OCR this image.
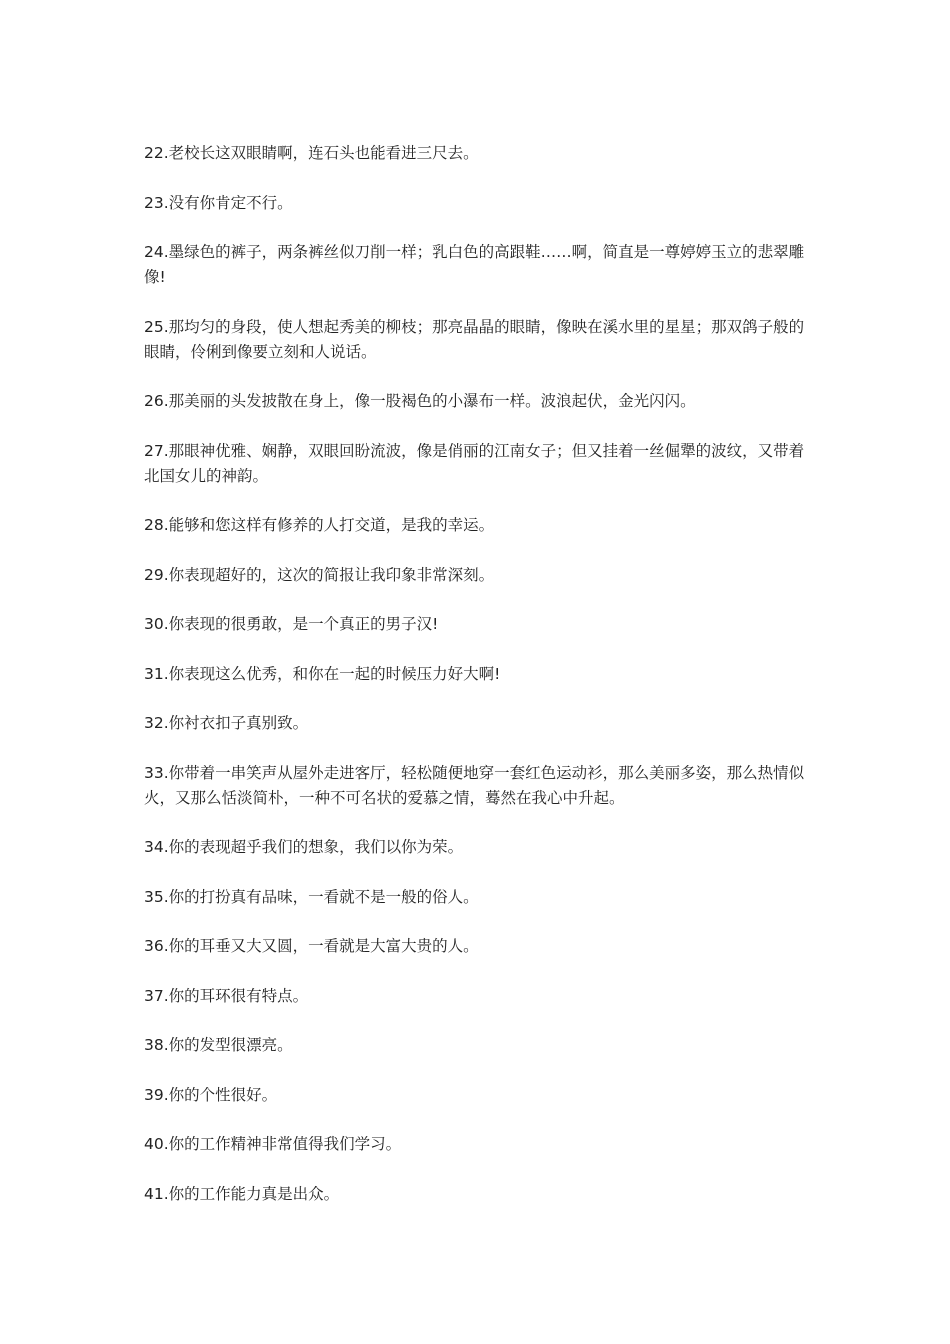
22.老校长这双眼睛啊，连石头也能看进三尺去。

23.没有你肯定不行。

24.墨绿色的裤子，两条裤丝似刀削一样；乳白色的高跟鞋……啊，简直是一尊婷婷玉立的悲翠雕像!

25.那均匀的身段，使人想起秀美的柳枝；那亮晶晶的眼睛，像映在溪水里的星星；那双鸽子般的眼睛，伶俐到像要立刻和人说话。

26.那美丽的头发披散在身上，像一股褐色的小瀑布一样。波浪起伏，金光闪闪。

27.那眼神优雅、娴静，双眼回盼流波，像是俏丽的江南女子；但又挂着一丝倔犟的波纹，又带着北国女儿的神韵。

28.能够和您这样有修养的人打交道，是我的幸运。

29.你表现超好的，这次的简报让我印象非常深刻。

30.你表现的很勇敢，是一个真正的男子汉!

31.你表现这么优秀，和你在一起的时候压力好大啊!

32.你衬衣扣子真别致。

33.你带着一串笑声从屋外走进客厅，轻松随便地穿一套红色运动衫，那么美丽多姿，那么热情似火，又那么恬淡简朴，一种不可名状的爱慕之情，蓦然在我心中升起。

34.你的表现超乎我们的想象，我们以你为荣。

35.你的打扮真有品味，一看就不是一般的俗人。

36.你的耳垂又大又圆，一看就是大富大贵的人。

37.你的耳环很有特点。

38.你的发型很漂亮。

39.你的个性很好。

40.你的工作精神非常值得我们学习。

41.你的工作能力真是出众。
